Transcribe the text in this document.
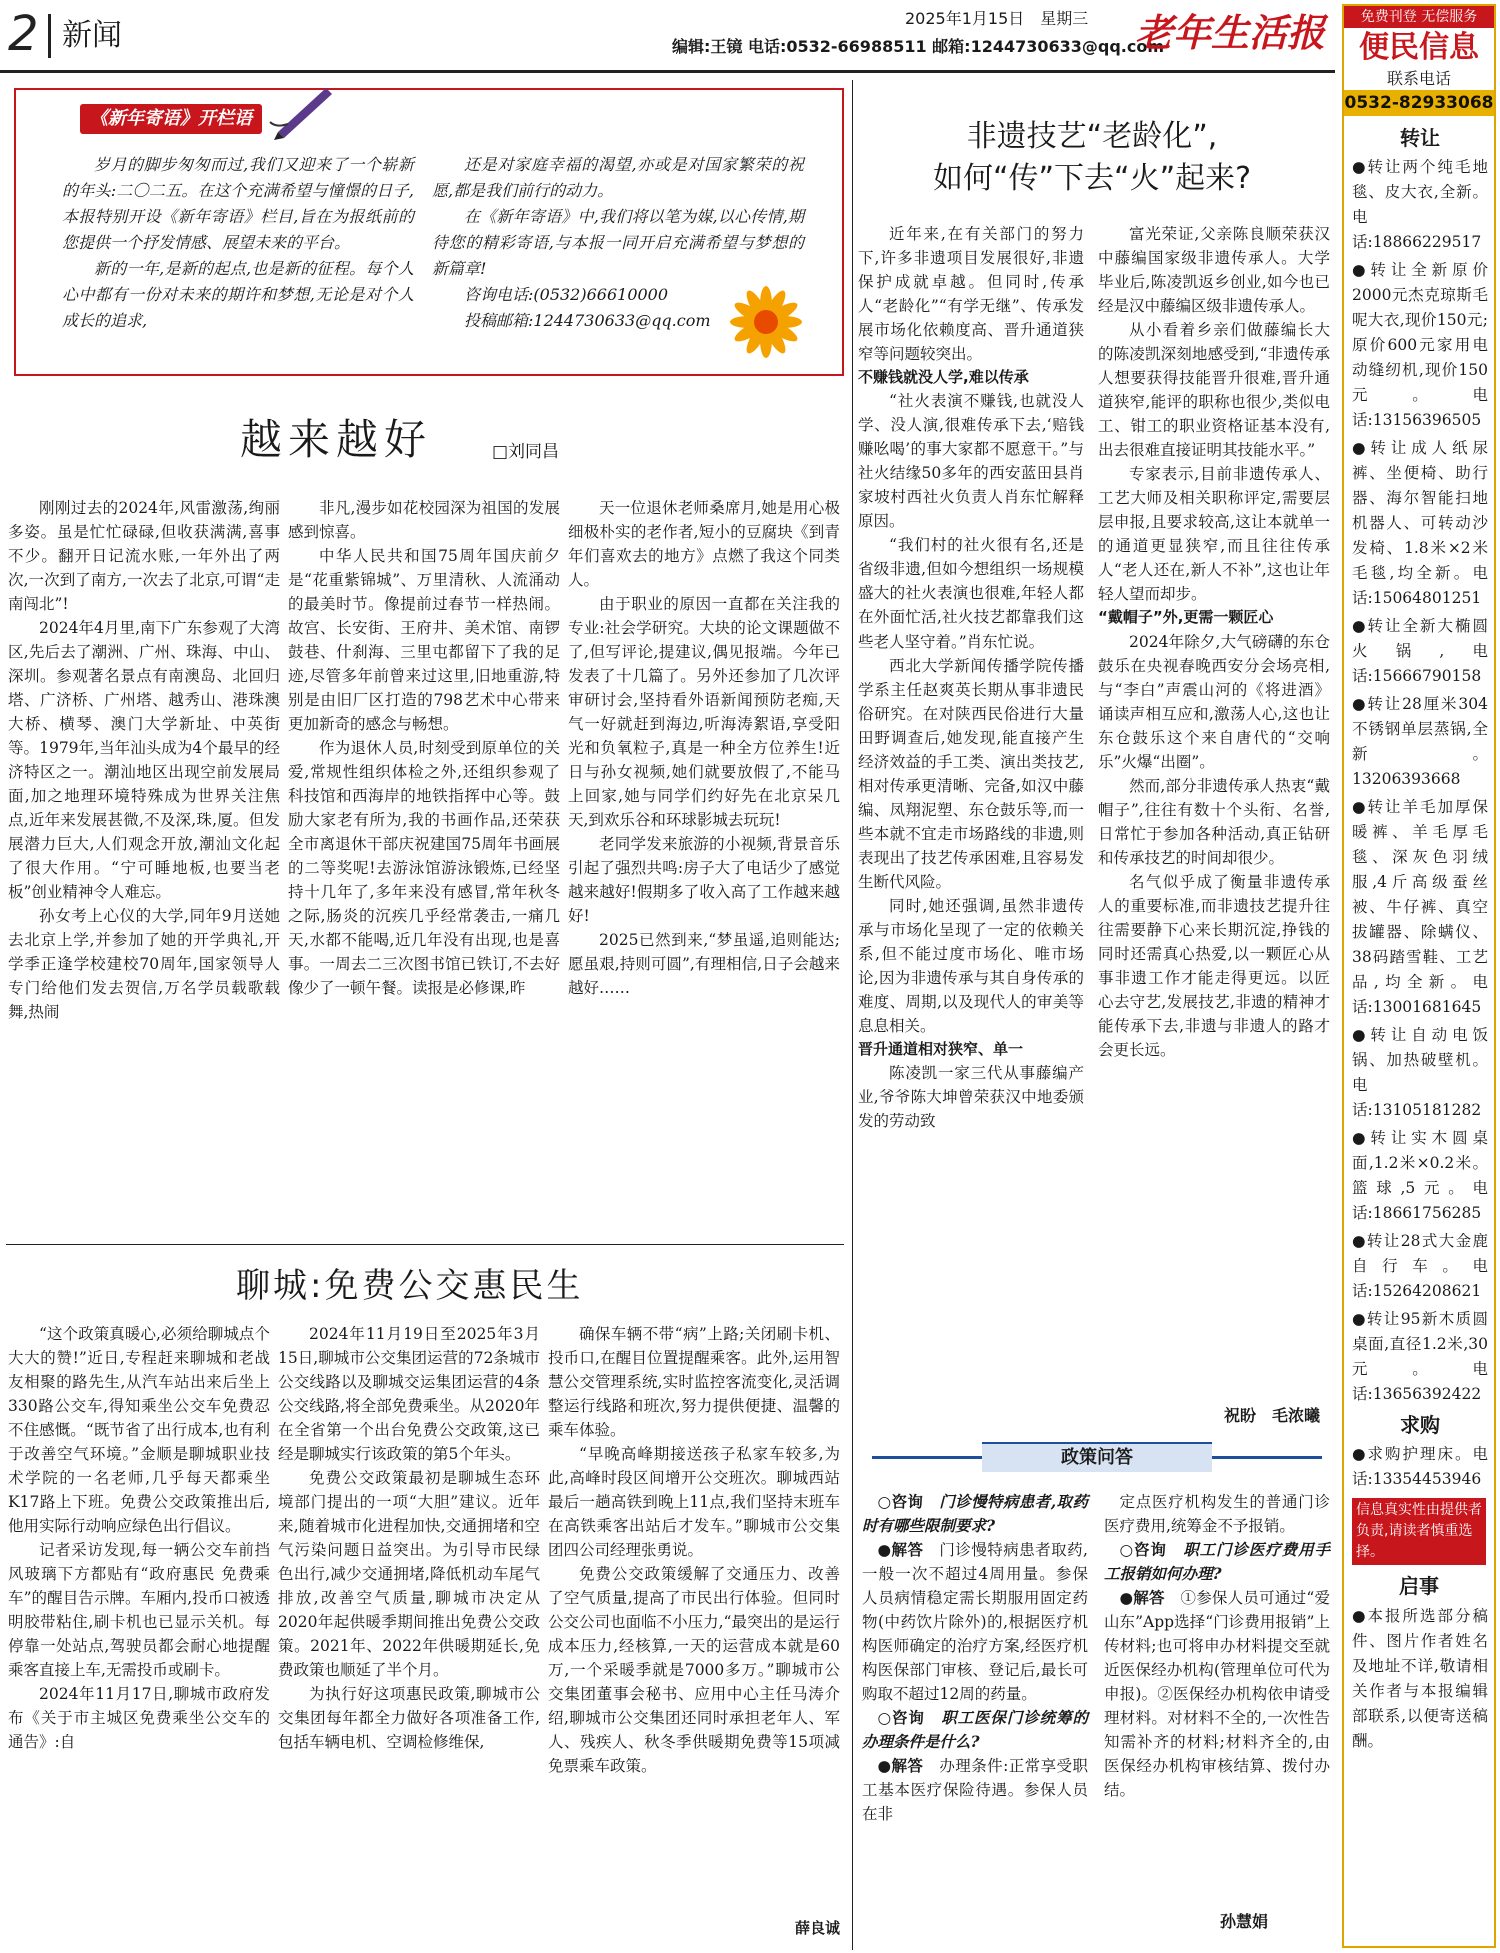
2 新闻	2025年1月15日　星期三
编辑:王镜 电话:0532-66988511 邮箱:1244730633@qq.com
老年生活报
《新年寄语》开栏语

岁月的脚步匆匆而过,我们又迎来了一个崭新的年头:二〇二五。在这个充满希望与憧憬的日子,本报特别开设《新年寄语》栏目,旨在为报纸前的您提供一个抒发情感、展望未来的平台。

新的一年,是新的起点,也是新的征程。每个人心中都有一份对未来的期许和梦想,无论是对个人成长的追求,

还是对家庭幸福的渴望,亦或是对国家繁荣的祝愿,都是我们前行的动力。

在《新年寄语》中,我们将以笔为媒,以心传情,期待您的精彩寄语,与本报一同开启充满希望与梦想的新篇章!

咨询电话:(0532)66610000

投稿邮箱:1244730633@qq.com

越来越好	□刘同昌

刚刚过去的2024年,风雷激荡,绚丽多姿。虽是忙忙碌碌,但收获满满,喜事不少。翻开日记流水账,一年外出了两次,一次到了南方,一次去了北京,可谓“走南闯北”!

2024年4月里,南下广东参观了大湾区,先后去了潮洲、广州、珠海、中山、深圳。参观著名景点有南澳岛、北回归塔、广济桥、广州塔、越秀山、港珠澳大桥、横琴、澳门大学新址、中英街等。1979年,当年汕头成为4个最早的经济特区之一。潮汕地区出现空前发展局面,加之地理环境特殊成为世界关注焦点,近年来发展甚微,不及深,珠,厦。但发展潜力巨大,人们观念开放,潮汕文化起了很大作用。“宁可睡地板,也要当老板”创业精神令人难忘。

孙女考上心仪的大学,同年9月送她去北京上学,并参加了她的开学典礼,开学季正逢学校建校70周年,国家领导人专门给他们发去贺信,万名学员载歌载舞,热闹

非凡,漫步如花校园深为祖国的发展感到惊喜。

中华人民共和国75周年国庆前夕是“花重紫锦城”、万里清秋、人流涌动的最美时节。像提前过春节一样热闹。故宫、长安街、王府井、美术馆、南锣鼓巷、什刹海、三里屯都留下了我的足迹,尽管多年前曾来过这里,旧地重游,特别是由旧厂区打造的798艺术中心带来更加新奇的感念与畅想。

作为退休人员,时刻受到原单位的关爱,常规性组织体检之外,还组织参观了科技馆和西海岸的地铁指挥中心等。鼓励大家老有所为,我的书画作品,还荣获全市离退休干部庆祝建国75周年书画展的二等奖呢!去游泳馆游泳锻炼,已经坚持十几年了,多年来没有感冒,常年秋冬之际,肠炎的沉疾几乎经常袭击,一痛几天,水都不能喝,近几年没有出现,也是喜事。一周去二三次图书馆已铁订,不去好像少了一顿午餐。读报是必修课,昨

天一位退休老师桑席月,她是用心极细极朴实的老作者,短小的豆腐块《到青年们喜欢去的地方》点燃了我这个同类人。

由于职业的原因一直都在关注我的专业:社会学研究。大块的论文课题做不了,但写评论,提建议,偶见报端。今年已发表了十几篇了。另外还参加了几次评审研讨会,坚持看外语新闻预防老痴,天气一好就赶到海边,听海涛絮语,享受阳光和负氧粒子,真是一种全方位养生!近日与孙女视频,她们就要放假了,不能马上回家,她与同学们约好先在北京呆几天,到欢乐谷和环球影城去玩玩!

老同学发来旅游的小视频,背景音乐引起了强烈共鸣:房子大了电话少了感觉越来越好!假期多了收入高了工作越来越好!

2025已然到来,“梦虽遥,追则能达;愿虽艰,持则可圆”,有理相信,日子会越来越好……

聊城:免费公交惠民生

“这个政策真暖心,必须给聊城点个大大的赞!”近日,专程赶来聊城和老战友相聚的路先生,从汽车站出来后坐上330路公交车,得知乘坐公交车免费忍不住感慨。“既节省了出行成本,也有利于改善空气环境。”金顺是聊城职业技术学院的一名老师,几乎每天都乘坐K17路上下班。免费公交政策推出后,他用实际行动响应绿色出行倡议。

记者采访发现,每一辆公交车前挡风玻璃下方都贴有“政府惠民 免费乘车”的醒目告示牌。车厢内,投币口被透明胶带粘住,刷卡机也已显示关机。每停靠一处站点,驾驶员都会耐心地提醒乘客直接上车,无需投币或刷卡。

2024年11月17日,聊城市政府发布《关于市主城区免费乘坐公交车的通告》:自

2024年11月19日至2025年3月15日,聊城市公交集团运营的72条城市公交线路以及聊城交运集团运营的4条公交线路,将全部免费乘坐。从2020年在全省第一个出台免费公交政策,这已经是聊城实行该政策的第5个年头。

免费公交政策最初是聊城生态环境部门提出的一项“大胆”建议。近年来,随着城市化进程加快,交通拥堵和空气污染问题日益突出。为引导市民绿色出行,减少交通拥堵,降低机动车尾气排放,改善空气质量,聊城市决定从2020年起供暖季期间推出免费公交政策。2021年、2022年供暖期延长,免费政策也顺延了半个月。

为执行好这项惠民政策,聊城市公交集团每年都全力做好各项准备工作,包括车辆电机、空调检修维保,

确保车辆不带“病”上路;关闭刷卡机、投币口,在醒目位置提醒乘客。此外,运用智慧公交管理系统,实时监控客流变化,灵活调整运行线路和班次,努力提供便捷、温馨的乘车体验。

“早晚高峰期接送孩子私家车较多,为此,高峰时段区间增开公交班次。聊城西站最后一趟高铁到晚上11点,我们坚持末班车在高铁乘客出站后才发车。”聊城市公交集团四公司经理张勇说。

免费公交政策缓解了交通压力、改善了空气质量,提高了市民出行体验。但同时公交公司也面临不小压力,“最突出的是运行成本压力,经核算,一天的运营成本就是60万,一个采暖季就是7000多万。”聊城市公交集团董事会秘书、应用中心主任马涛介绍,聊城市公交集团还同时承担老年人、军人、残疾人、秋冬季供暖期免费等15项减免票乘车政策。

薛良诚
非遗技艺“老龄化”,
如何“传”下去“火”起来?

近年来,在有关部门的努力下,许多非遗项目发展很好,非遗保护成就卓越。但同时,传承人“老龄化”“有学无继”、传承发展市场化依赖度高、晋升通道狭窄等问题较突出。

不赚钱就没人学,难以传承

“社火表演不赚钱,也就没人学、没人演,很难传承下去,‘赔钱赚吆喝’的事大家都不愿意干。”与社火结缘50多年的西安蓝田县肖家坡村西社火负责人肖东忙解释原因。

“我们村的社火很有名,还是省级非遗,但如今想组织一场规模盛大的社火表演也很难,年轻人都在外面忙活,社火技艺都靠我们这些老人坚守着。”肖东忙说。

西北大学新闻传播学院传播学系主任赵爽英长期从事非遗民俗研究。在对陕西民俗进行大量田野调查后,她发现,能直接产生经济效益的手工类、演出类技艺,相对传承更清晰、完备,如汉中藤编、凤翔泥塑、东仓鼓乐等,而一些本就不宜走市场路线的非遗,则表现出了技艺传承困难,且容易发生断代风险。

同时,她还强调,虽然非遗传承与市场化呈现了一定的依赖关系,但不能过度市场化、唯市场论,因为非遗传承与其自身传承的难度、周期,以及现代人的审美等息息相关。

晋升通道相对狭窄、单一

陈凌凯一家三代从事藤编产业,爷爷陈大坤曾荣获汉中地委颁发的劳动致

富光荣证,父亲陈良顺荣获汉中藤编国家级非遗传承人。大学毕业后,陈凌凯返乡创业,如今也已经是汉中藤编区级非遗传承人。

从小看着乡亲们做藤编长大的陈凌凯深刻地感受到,“非遗传承人想要获得技能晋升很难,晋升通道狭窄,能评的职称也很少,类似电工、钳工的职业资格证基本没有,出去很难直接证明其技能水平。”

专家表示,目前非遗传承人、工艺大师及相关职称评定,需要层层申报,且要求较高,这让本就单一的通道更显狭窄,而且往往传承人“老人还在,新人不补”,这也让年轻人望而却步。

“戴帽子”外,更需一颗匠心

2024年除夕,大气磅礴的东仓鼓乐在央视春晚西安分会场亮相,与“李白”声震山河的《将进酒》诵读声相互应和,激荡人心,这也让东仓鼓乐这个来自唐代的“交响乐”火爆“出圈”。

然而,部分非遗传承人热衷“戴帽子”,往往有数十个头衔、名誉,日常忙于参加各种活动,真正钻研和传承技艺的时间却很少。

名气似乎成了衡量非遗传承人的重要标准,而非遗技艺提升往往需要静下心来长期沉淀,挣钱的同时还需真心热爱,以一颗匠心从事非遗工作才能走得更远。以匠心去守艺,发展技艺,非遗的精神才能传承下去,非遗与非遗人的路才会更长远。

祝盼　毛浓曦
政策问答

○咨询　 门诊慢特病患者,取药时有哪些限制要求?

●解答　 门诊慢特病患者取药,一般一次不超过4周用量。参保人员病情稳定需长期服用固定药物(中药饮片除外)的,根据医疗机构医师确定的治疗方案,经医疗机构医保部门审核、登记后,最长可购取不超过12周的药量。

○咨询　 职工医保门诊统筹的办理条件是什么?

●解答　 办理条件:正常享受职工基本医疗保险待遇。参保人员在非

定点医疗机构发生的普通门诊医疗费用,统筹金不予报销。

○咨询　 职工门诊医疗费用手工报销如何办理?

●解答　 ①参保人员可通过“爱山东”App选择“门诊费用报销”上传材料;也可将申办材料提交至就近医保经办机构(管理单位可代为申报)。②医保经办机构依申请受理材料。对材料不全的,一次性告知需补齐的材料;材料齐全的,由医保经办机构审核结算、拨付办结。

孙慧娟
免费刊登 无偿服务
便民信息
联系电话
0532-82933068
转让

●转让两个纯毛地毯、皮大衣,全新。电话:18866229517

●转让全新原价2000元杰克琼斯毛呢大衣,现价150元;原价600元家用电动缝纫机,现价150元。电话:13156396505

●转让成人纸尿裤、坐便椅、助行器、海尔智能扫地机器人、可转动沙发椅、1.8米×2米毛毯,均全新。电话:15064801251

●转让全新大椭圆火锅,电话:15666790158

●转让28厘米304不锈钢单层蒸锅,全新。13206393668

●转让羊毛加厚保暖裤、羊毛厚毛毯、深灰色羽绒服,4斤高级蚕丝被、牛仔裤、真空拔罐器、除螨仪、38码踏雪鞋、工艺品,均全新。电话:13001681645

●转让自动电饭锅、加热破壁机。电话:13105181282

●转让实木圆桌面,1.2米×0.2米。篮球,5元。电话:18661756285

●转让28式大金鹿自行车。电话:15264208621

●转让95新木质圆桌面,直径1.2米,30元。电话:13656392422

求购

●求购护理床。电话:13354453946

信息真实性由提供者负责,请读者慎重选择。
启事
●本报所选部分稿件、图片作者姓名及地址不详,敬请相关作者与本报编辑部联系,以便寄送稿酬。
